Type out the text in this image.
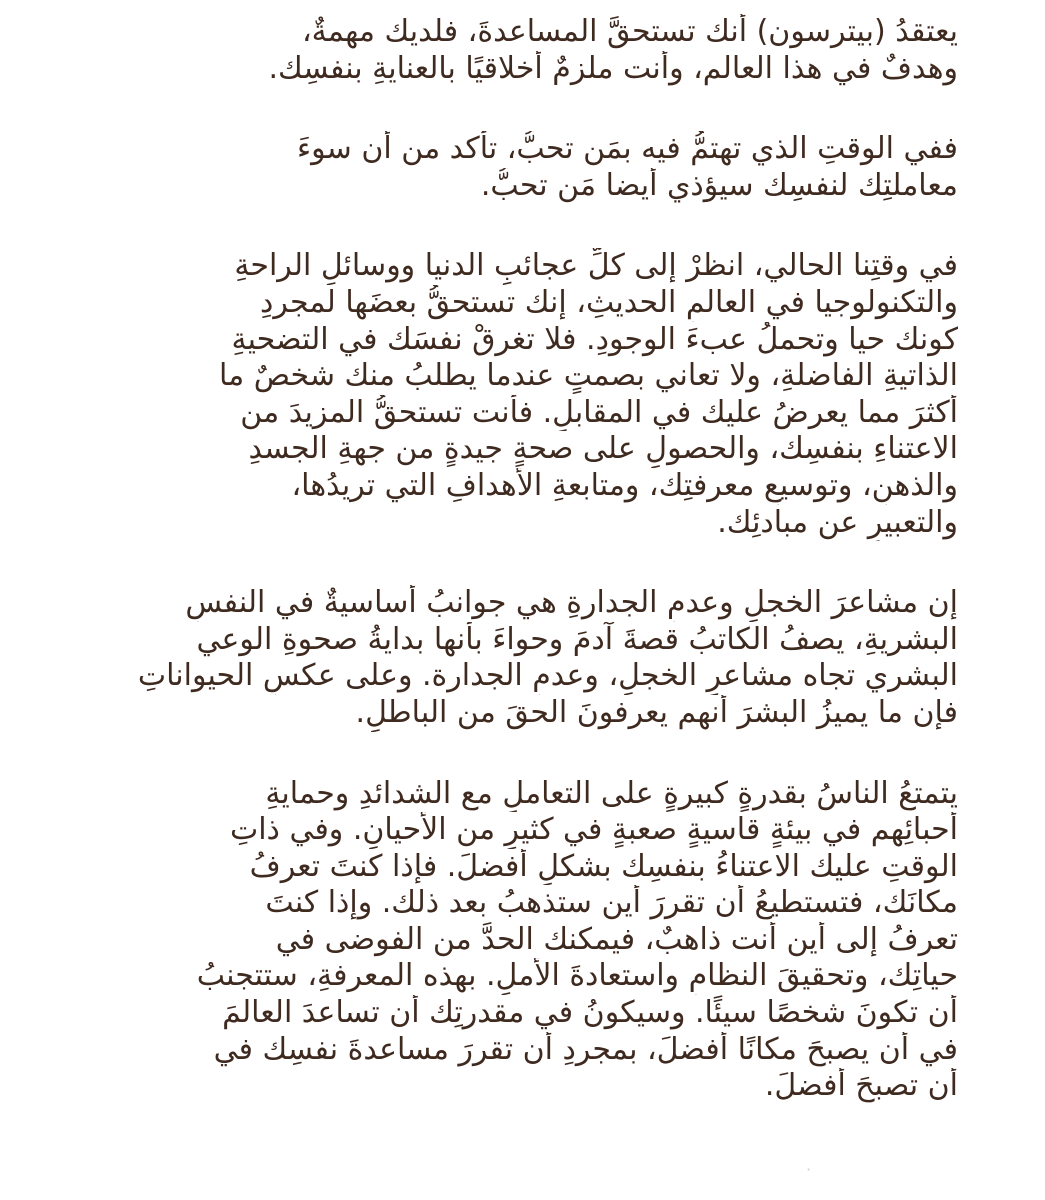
يعتقدُ (بيترسون) أنك تستحقَّ المساعدةَ، فلديك مهمةٌ،
وهدفٌ في هذا العالم، وأنت ملزمٌ أخلاقيًا بالعنايةِ بنفسِك.

ففي الوقتِ الذي تهتمُّ فيه بمَن تحبُّ، تأكد من أن سوءَ
معاملتِك لنفسِك سيؤذي أيضا مَن تحبُّ.

في وقتِنا الحالي، انظرْ إلى كلِّ عجائبِ الدنيا ووسائلِ الراحةِ
والتكنولوجيا في العالمِ الحديثِ، إنك تستحقُّ بعضَها لمجردِ
كونك حيا وتحملُ عبءَ الوجودِ. فلا تغرقْ نفسَك في التضحيةِ
الذاتيةِ الفاضلةِ، ولا تعاني بصمتٍ عندما يطلبُ منك شخصٌ ما
أكثرَ مما يعرضُ عليك في المقابلِ. فأنت تستحقُّ المزيدَ من
الاعتناءِ بنفسِك، والحصولِ على صحةٍ جيدةٍ من جهةِ الجسدِ
والذهنِ، وتوسيعِ معرفتِك، ومتابعةِ الأهدافِ التي تريدُها،
والتعبيرِ عن مبادئِك.

إن مشاعرَ الخجلِ وعدمِ الجدارةِ هي جوانبُ أساسيةٌ في النفسِ
البشريةِ، يصفُ الكاتبُ قصةَ آدمَ وحواءَ بأنها بدايةُ صحوةِ الوعي
البشري تجاه مشاعرِ الخجلِ، وعدمِ الجدارة. وعلى عكسِ الحيواناتِ
فإن ما يميزُ البشرَ أنهم يعرفونَ الحقَ من الباطلِ.

يتمتعُ الناسُ بقدرةٍ كبيرةٍ على التعاملِ مع الشدائدِ وحمايةِ
أحبائِهم في بيئةٍ قاسيةٍ صعبةٍ في كثيرٍ من الأحيانِ. وفي ذاتِ
الوقتِ عليك الاعتناءُ بنفسِك بشكلٍ أفضلَ. فإذا كنتَ تعرفُ
مكانَك، فتستطيعُ أن تقررَ أين ستذهبُ بعد ذلك. وإذا كنتَ
تعرفُ إلى أين أنت ذاهبٌ، فيمكنك الحدَّ من الفوضى في
حياتِك، وتحقيقَ النظامِ واستعادةَ الأملِ. بهذه المعرفةِ، ستتجنبُ
أن تكونَ شخصًا سيئًا. وسيكونُ في مقدرتِك أن تساعدَ العالمَ
في أن يصبحَ مكانًا أفضلَ، بمجردِ أن تقررَ مساعدةَ نفسِك في
أن تصبحَ أفضلَ.

·
